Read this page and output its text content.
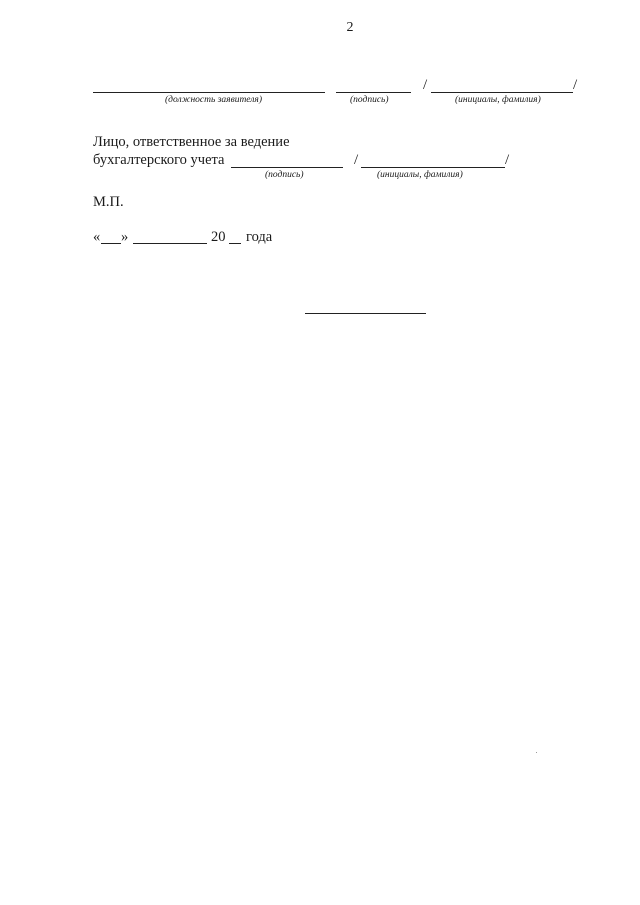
2
/	/
(должность заявителя)	(подпись)	(инициалы, фамилия)
Лицо, ответственное за ведение
бухгалтерского учета	/	/
(подпись)	(инициалы, фамилия)
М.П.
« »	20 года
